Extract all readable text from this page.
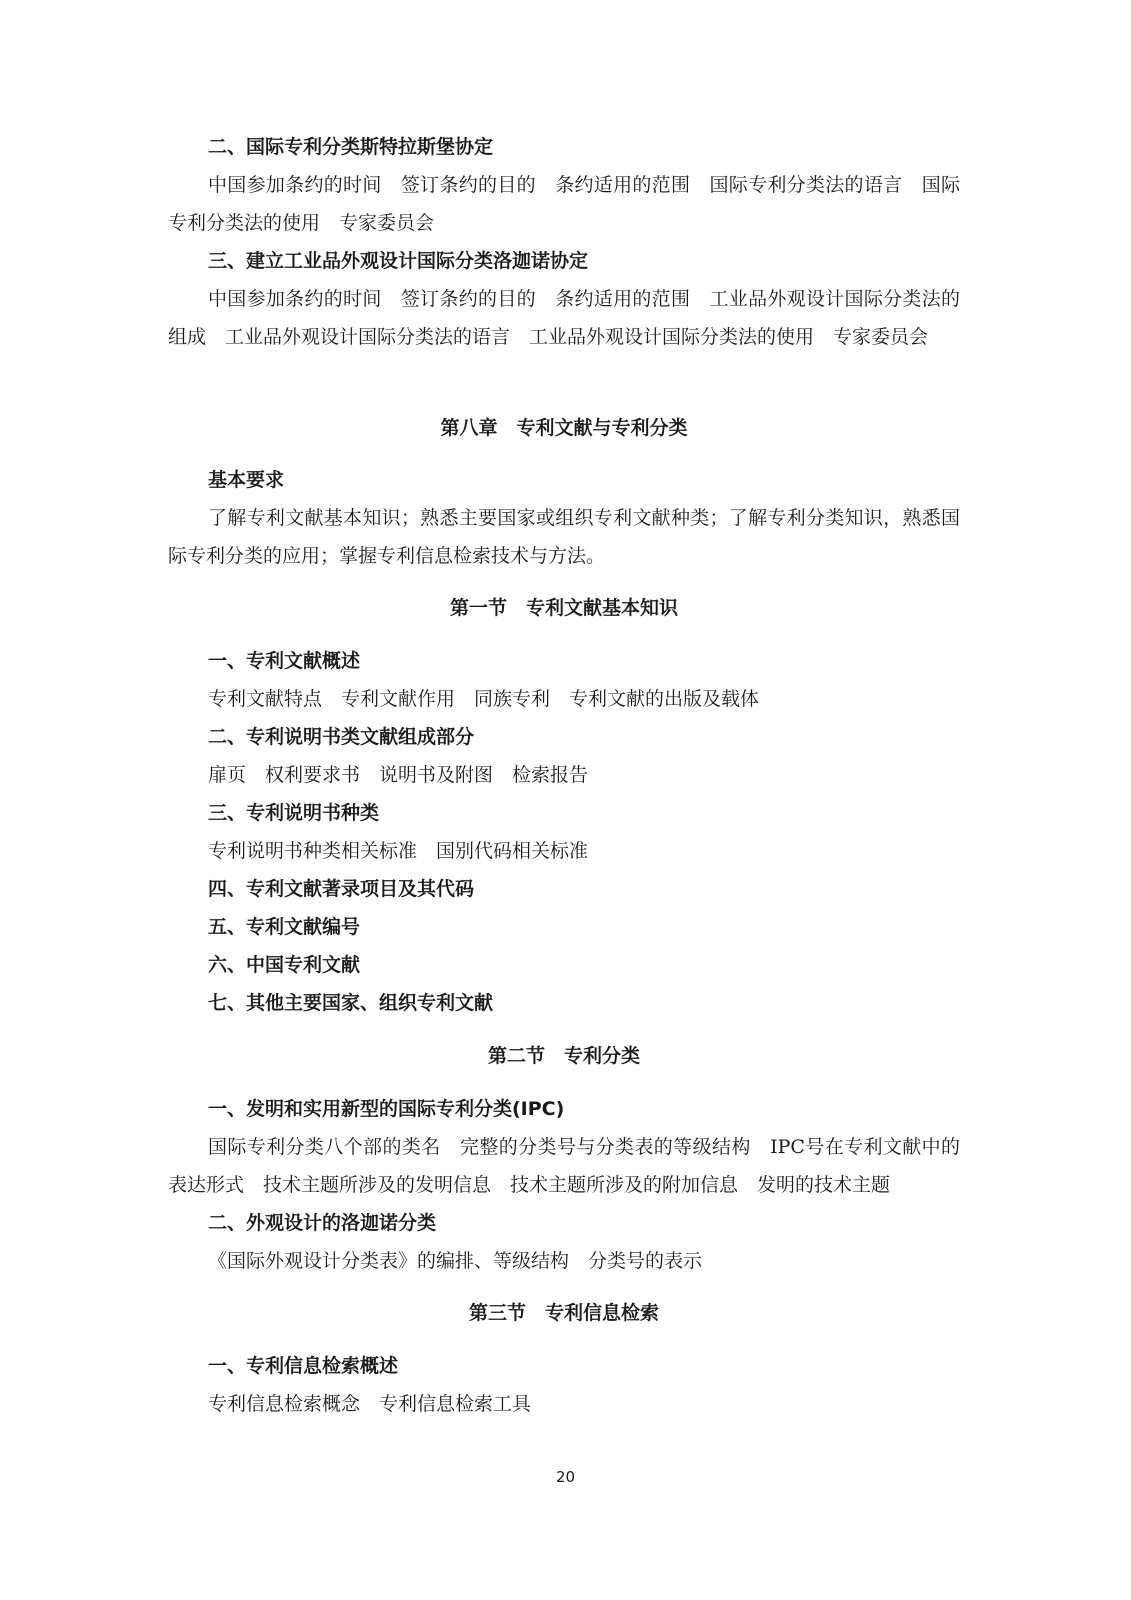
二、国际专利分类斯特拉斯堡协定
中国参加条约的时间　签订条约的目的　条约适用的范围　国际专利分类法的语言　国际专利分类法的使用　专家委员会
三、建立工业品外观设计国际分类洛迦诺协定
中国参加条约的时间　签订条约的目的　条约适用的范围　工业品外观设计国际分类法的组成　工业品外观设计国际分类法的语言　工业品外观设计国际分类法的使用　专家委员会
第八章　专利文献与专利分类
基本要求
了解专利文献基本知识；熟悉主要国家或组织专利文献种类；了解专利分类知识，熟悉国际专利分类的应用；掌握专利信息检索技术与方法。
第一节　专利文献基本知识
一、专利文献概述
专利文献特点　专利文献作用　同族专利　专利文献的出版及载体
二、专利说明书类文献组成部分
扉页　权利要求书　说明书及附图　检索报告
三、专利说明书种类
专利说明书种类相关标准　国别代码相关标准
四、专利文献著录项目及其代码
五、专利文献编号
六、中国专利文献
七、其他主要国家、组织专利文献
第二节　专利分类
一、发明和实用新型的国际专利分类(IPC)
国际专利分类八个部的类名　完整的分类号与分类表的等级结构　IPC号在专利文献中的表达形式　技术主题所涉及的发明信息　技术主题所涉及的附加信息　发明的技术主题
二、外观设计的洛迦诺分类
《国际外观设计分类表》的编排、等级结构　分类号的表示
第三节　专利信息检索
一、专利信息检索概述
专利信息检索概念　专利信息检索工具
20
